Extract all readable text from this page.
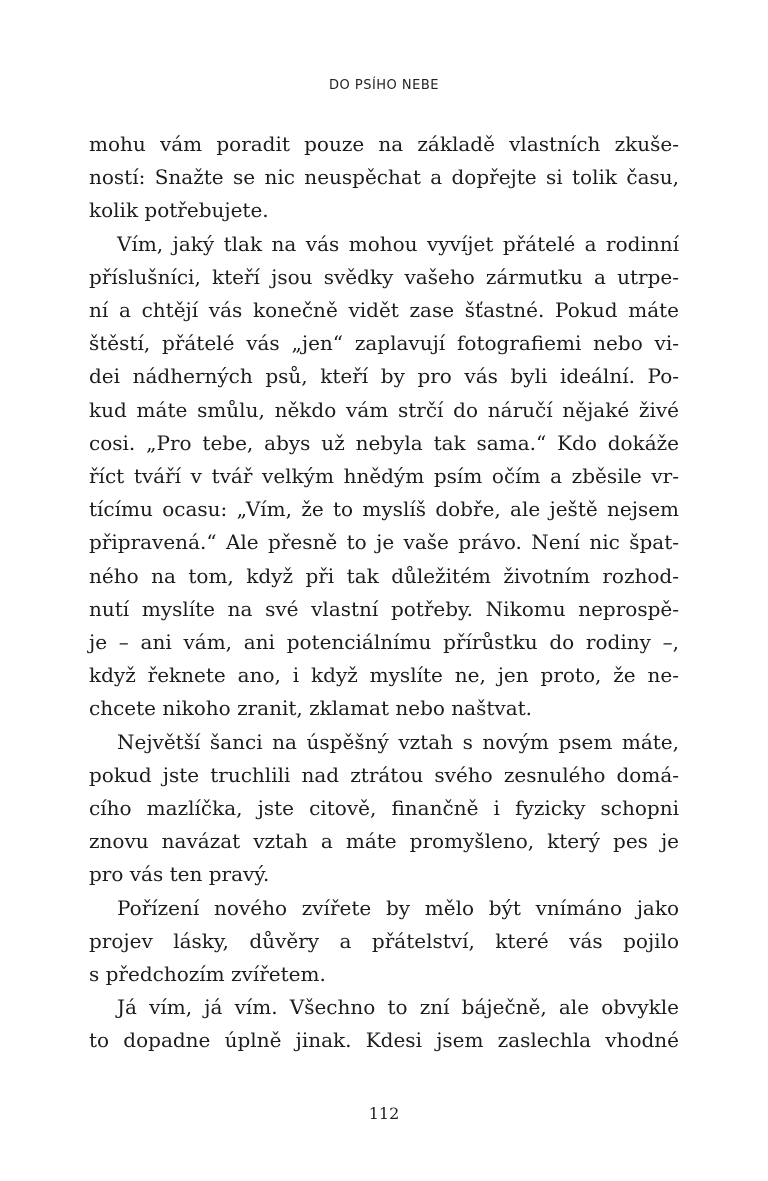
DO PSÍHO NEBE
mohu vám poradit pouze na základě vlastních zkuše-
ností: Snažte se nic neuspěchat a dopřejte si tolik času,
kolik potřebujete.
Vím, jaký tlak na vás mohou vyvíjet přátelé a rodinní
příslušníci, kteří jsou svědky vašeho zármutku a utrpe-
ní a chtějí vás konečně vidět zase šťastné. Pokud máte
štěstí, přátelé vás „jen“ zaplavují fotografiemi nebo vi-
dei nádherných psů, kteří by pro vás byli ideální. Po-
kud máte smůlu, někdo vám strčí do náručí nějaké živé
cosi. „Pro tebe, abys už nebyla tak sama.“ Kdo dokáže
říct tváří v tvář velkým hnědým psím očím a zběsile vr-
tícímu ocasu: „Vím, že to myslíš dobře, ale ještě nejsem
připravená.“ Ale přesně to je vaše právo. Není nic špat-
ného na tom, když při tak důležitém životním rozhod-
nutí myslíte na své vlastní potřeby. Nikomu neprospě-
je – ani vám, ani potenciálnímu přírůstku do rodiny –,
když řeknete ano, i když myslíte ne, jen proto, že ne-
chcete nikoho zranit, zklamat nebo naštvat.
Největší šanci na úspěšný vztah s novým psem máte,
pokud jste truchlili nad ztrátou svého zesnulého domá-
cího mazlíčka, jste citově, finančně i fyzicky schopni
znovu navázat vztah a máte promyšleno, který pes je
pro vás ten pravý.
Pořízení nového zvířete by mělo být vnímáno jako
projev lásky, důvěry a přátelství, které vás pojilo
s předchozím zvířetem.
Já vím, já vím. Všechno to zní báječně, ale obvykle
to dopadne úplně jinak. Kdesi jsem zaslechla vhodné
112
